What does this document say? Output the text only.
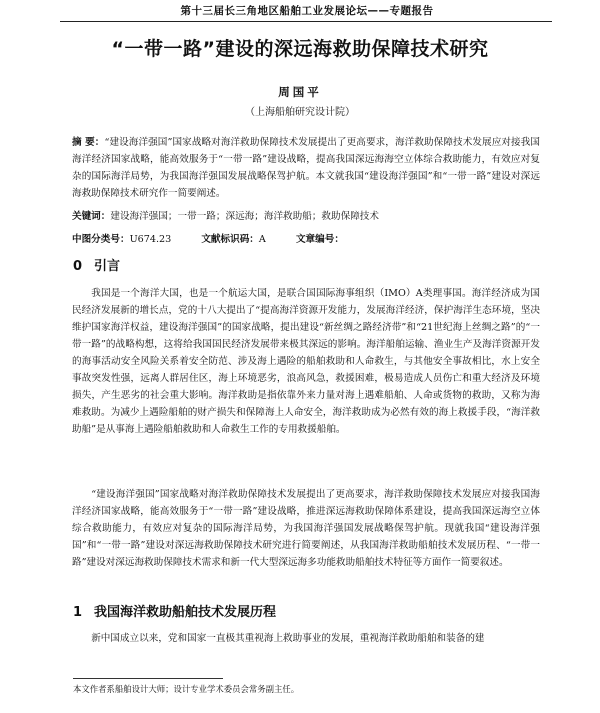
第十三届长三角地区船舶工业发展论坛——专题报告
“一带一路”建设的深远海救助保障技术研究
周国平
（上海船舶研究设计院）

摘 要：“建设海洋强国”国家战略对海洋救助保障技术发展提出了更高要求，海洋救助保障技术发展应对接我国海洋经济国家战略，能高效服务于“一带一路”建设战略，提高我国深远海海空立体综合救助能力，有效应对复杂的国际海洋局势，为我国海洋强国发展战略保驾护航。本文就我国“建设海洋强国”和“一带一路”建设对深远海救助保障技术研究作一简要阐述。

关键词：建设海洋强国；一带一路；深远海；海洋救助船；救助保障技术

中图分类号：U674.23	文献标识码：A	文章编号：
0 引言

我国是一个海洋大国，也是一个航运大国，是联合国国际海事组织（IMO）A类理事国。海洋经济成为国民经济发展新的增长点，党的十八大提出了“提高海洋资源开发能力，发展海洋经济，保护海洋生态环境，坚决维护国家海洋权益，建设海洋强国”的国家战略，提出建设“新丝绸之路经济带”和“21世纪海上丝绸之路”的“一带一路”的战略构想，这将给我国国民经济发展带来极其深远的影响。海洋船舶运输、渔业生产及海洋资源开发的海事活动安全风险关系着安全防范、涉及海上遇险的船舶救助和人命救生，与其他安全事故相比，水上安全事故突发性强，远离人群居住区，海上环境恶劣，浪高风急，救援困难，极易造成人员伤亡和重大经济及环境损失，产生恶劣的社会重大影响。海洋救助是指依靠外来力量对海上遇难船舶、人命或货物的救助，又称为海难救助。为减少上遇险船舶的财产损失和保障海上人命安全，海洋救助成为必然有效的海上救援手段，“海洋救助船”是从事海上遇险船舶救助和人命救生工作的专用救援船舶。

“建设海洋强国”国家战略对海洋救助保障技术发展提出了更高要求，海洋救助保障技术发展应对接我国海洋经济国家战略，能高效服务于“一带一路”建设战略，推进深远海救助保障体系建设，提高我国深远海空立体综合救助能力，有效应对复杂的国际海洋局势，为我国海洋强国发展战略保驾护航。现就我国“建设海洋强国”和“一带一路”建设对深远海救助保障技术研究进行简要阐述，从我国海洋救助船舶技术发展历程、“一带一路”建设对深远海救助保障技术需求和新一代大型深远海多功能救助船舶技术特征等方面作一简要叙述。

1 我国海洋救助船舶技术发展历程

新中国成立以来，党和国家一直极其重视海上救助事业的发展，重视海洋救助船舶和装备的建

本文作者系船舶设计大师；设计专业学术委员会常务副主任。
